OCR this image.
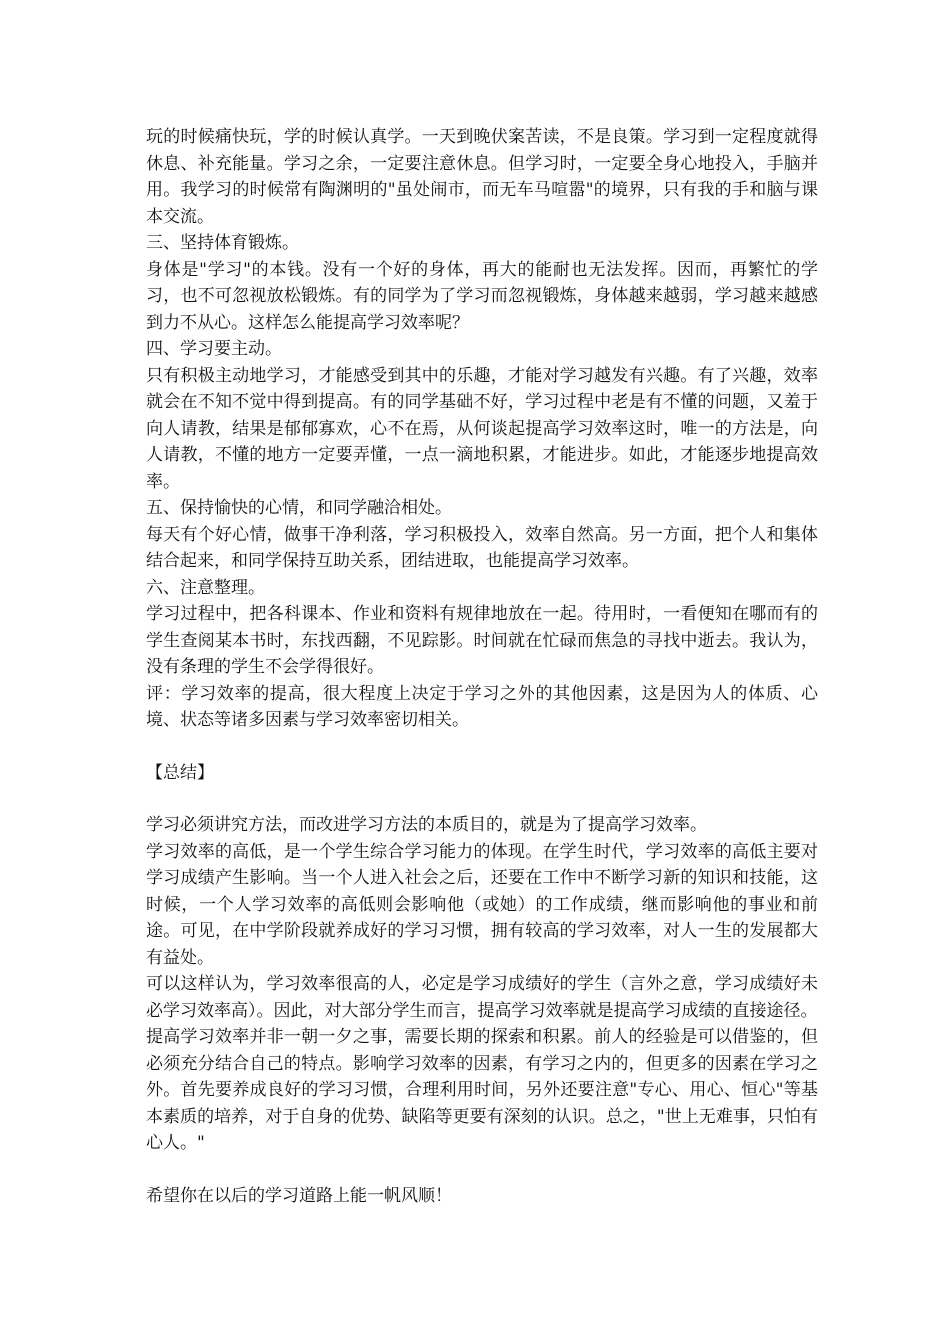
玩的时候痛快玩，学的时候认真学。一天到晚伏案苦读，不是良策。学习到一定程度就得休息、补充能量。学习之余，一定要注意休息。但学习时，一定要全身心地投入，手脑并用。我学习的时候常有陶渊明的"虽处闹市，而无车马喧嚣"的境界，只有我的手和脑与课本交流。

三、坚持体育锻炼。

身体是"学习"的本钱。没有一个好的身体，再大的能耐也无法发挥。因而，再繁忙的学习，也不可忽视放松锻炼。有的同学为了学习而忽视锻炼，身体越来越弱，学习越来越感到力不从心。这样怎么能提高学习效率呢？

四、学习要主动。

只有积极主动地学习，才能感受到其中的乐趣，才能对学习越发有兴趣。有了兴趣，效率就会在不知不觉中得到提高。有的同学基础不好，学习过程中老是有不懂的问题，又羞于向人请教，结果是郁郁寡欢，心不在焉，从何谈起提高学习效率这时，唯一的方法是，向人请教，不懂的地方一定要弄懂，一点一滴地积累，才能进步。如此，才能逐步地提高效率。

五、保持愉快的心情，和同学融洽相处。

每天有个好心情，做事干净利落，学习积极投入，效率自然高。另一方面，把个人和集体结合起来，和同学保持互助关系，团结进取，也能提高学习效率。

六、注意整理。

学习过程中，把各科课本、作业和资料有规律地放在一起。待用时，一看便知在哪而有的学生查阅某本书时，东找西翻，不见踪影。时间就在忙碌而焦急的寻找中逝去。我认为，没有条理的学生不会学得很好。

评：学习效率的提高，很大程度上决定于学习之外的其他因素，这是因为人的体质、心境、状态等诸多因素与学习效率密切相关。

【总结】

学习必须讲究方法，而改进学习方法的本质目的，就是为了提高学习效率。

学习效率的高低，是一个学生综合学习能力的体现。在学生时代，学习效率的高低主要对学习成绩产生影响。当一个人进入社会之后，还要在工作中不断学习新的知识和技能，这时候，一个人学习效率的高低则会影响他（或她）的工作成绩，继而影响他的事业和前途。可见，在中学阶段就养成好的学习习惯，拥有较高的学习效率，对人一生的发展都大有益处。

可以这样认为，学习效率很高的人，必定是学习成绩好的学生（言外之意，学习成绩好未必学习效率高）。因此，对大部分学生而言，提高学习效率就是提高学习成绩的直接途径。

提高学习效率并非一朝一夕之事，需要长期的探索和积累。前人的经验是可以借鉴的，但必须充分结合自己的特点。影响学习效率的因素，有学习之内的，但更多的因素在学习之外。首先要养成良好的学习习惯，合理利用时间，另外还要注意"专心、用心、恒心"等基本素质的培养，对于自身的优势、缺陷等更要有深刻的认识。总之，"世上无难事，只怕有心人。"

希望你在以后的学习道路上能一帆风顺！
